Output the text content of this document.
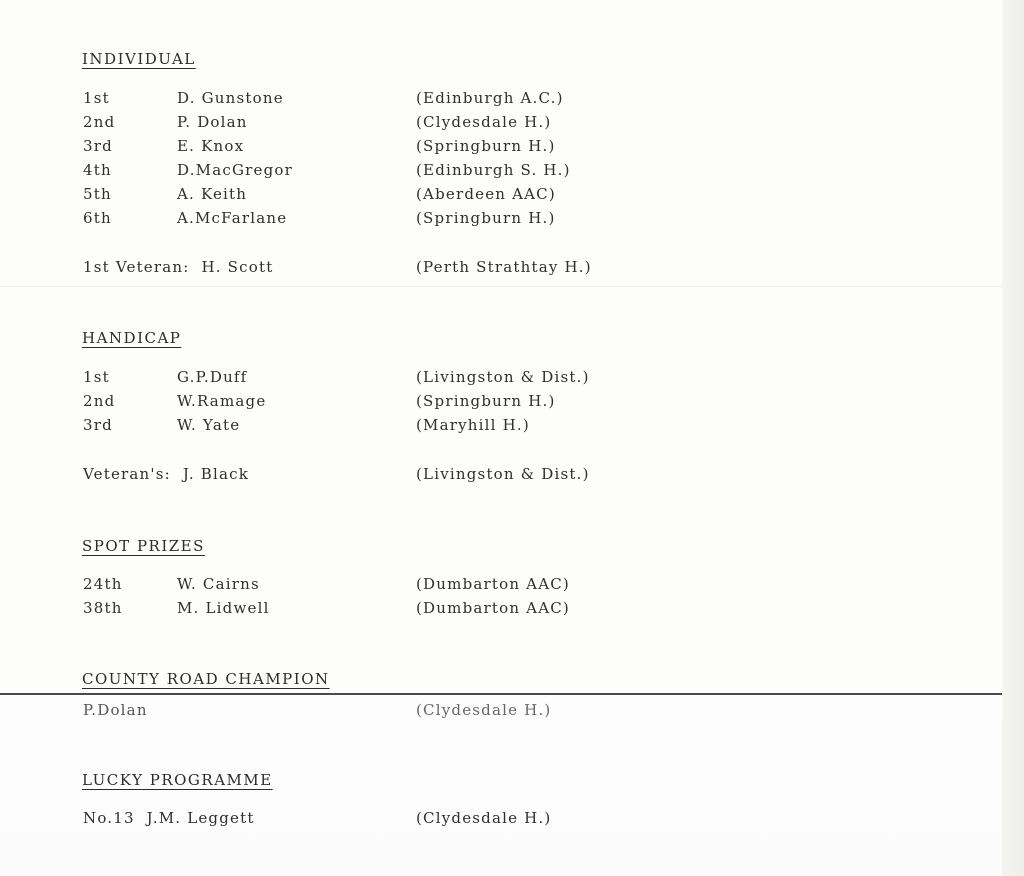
INDIVIDUAL
1st	D. Gunstone	(Edinburgh A.C.)
2nd	P. Dolan	(Clydesdale H.)
3rd	E. Knox	(Springburn H.)
4th	D.MacGregor	(Edinburgh S. H.)
5th	A. Keith	(Aberdeen AAC)
6th	A.McFarlane	(Springburn H.)
1st Veteran:  H. Scott	(Perth Strathtay H.)
HANDICAP
1st	G.P.Duff	(Livingston & Dist.)
2nd	W.Ramage	(Springburn H.)
3rd	W. Yate	(Maryhill H.)
Veteran's:  J. Black	(Livingston & Dist.)
SPOT PRIZES
24th	W. Cairns	(Dumbarton AAC)
38th	M. Lidwell	(Dumbarton AAC)
COUNTY ROAD CHAMPION
P.Dolan	(Clydesdale H.)
LUCKY PROGRAMME
No.13  J.M. Leggett	(Clydesdale H.)
